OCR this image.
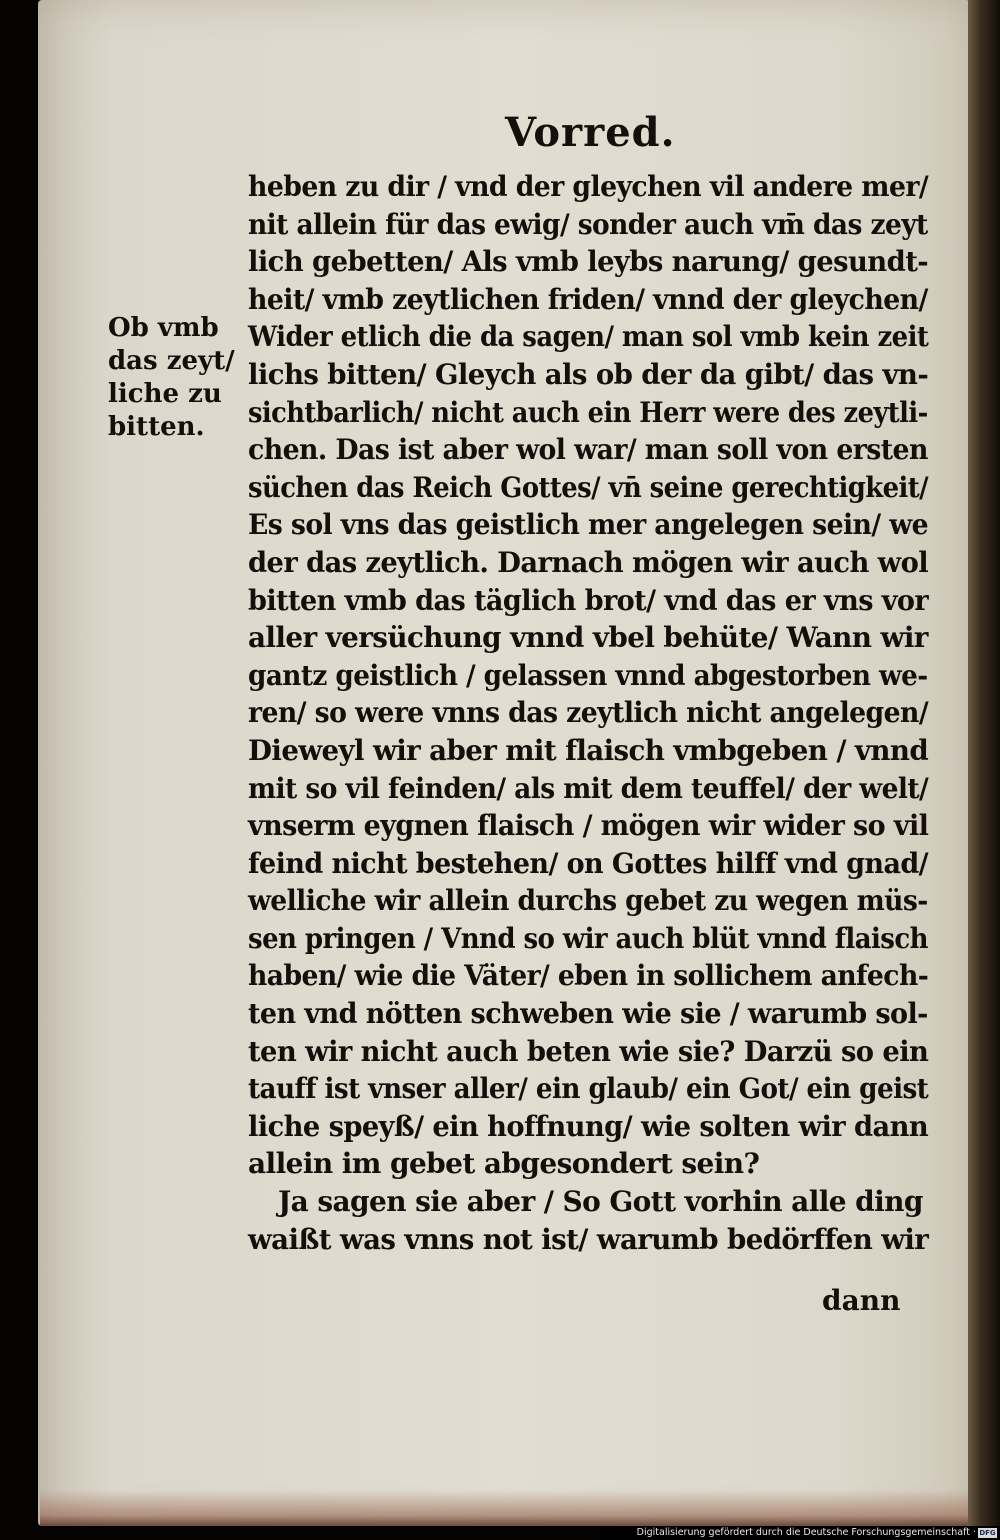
Vorred.
Ob vmb
das zeyt/
liche zu
bitten.
heben zu dir / vnd der gleychen vil andere mer/
nit allein für das ewig/ sonder auch vm̄ das zeyt
lich gebetten/ Als vmb leybs narung/ gesundt-
heit/ vmb zeytlichen friden/ vnnd der gleychen/
Wider etlich die da sagen/ man sol vmb kein zeit
lichs bitten/ Gleych als ob der da gibt/ das vn-
sichtbarlich/ nicht auch ein Herr were des zeytli-
chen. Das ist aber wol war/ man soll von ersten
süchen das Reich Gottes/ vn̄ seine gerechtigkeit/
Es sol vns das geistlich mer angelegen sein/ we
der das zeytlich. Darnach mögen wir auch wol
bitten vmb das täglich brot/ vnd das er vns vor
aller versüchung vnnd vbel behüte/ Wann wir
gantz geistlich / gelassen vnnd abgestorben we-
ren/ so were vnns das zeytlich nicht angelegen/
Dieweyl wir aber mit flaisch vmbgeben / vnnd
mit so vil feinden/ als mit dem teuffel/ der welt/
vnserm eygnen flaisch / mögen wir wider so vil
feind nicht bestehen/ on Gottes hilff vnd gnad/
welliche wir allein durchs gebet zu wegen müs-
sen pringen / Vnnd so wir auch blüt vnnd flaisch
haben/ wie die Väter/ eben in sollichem anfech-
ten vnd nötten schweben wie sie / warumb sol-
ten wir nicht auch beten wie sie? Darzü so ein
tauff ist vnser aller/ ein glaub/ ein Got/ ein geist
liche speyß/ ein hoffnung/ wie solten wir dann
allein im gebet abgesondert sein?
Ja sagen sie aber / So Gott vorhin alle ding
waißt was vnns not ist/ warumb bedörffen wir
dann
Digitalisierung gefördert durch die Deutsche Forschungsgemeinschaft · DFG
